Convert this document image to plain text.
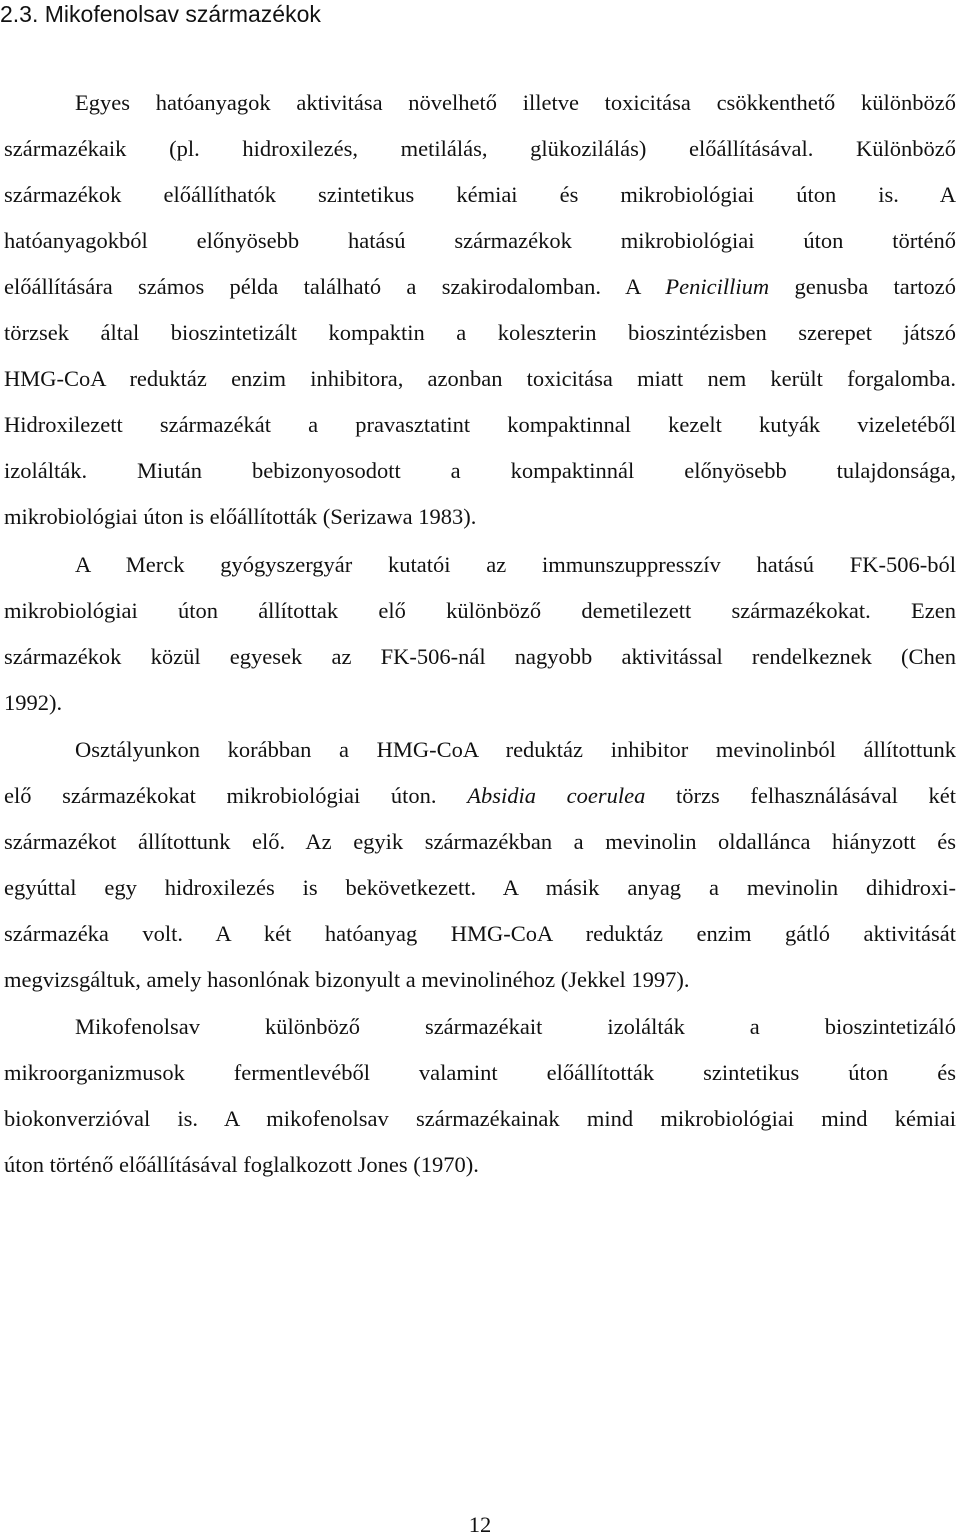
2.3. Mikofenolsav származékok
Egyes hatóanyagok aktivitása növelhető illetve toxicitása csökkenthető különböző
származékaik (pl. hidroxilezés, metilálás, glükozilálás) előállításával. Különböző
származékok előállíthatók szintetikus kémiai és mikrobiológiai úton is. A
hatóanyagokból előnyösebb hatású származékok mikrobiológiai úton történő
előállítására számos példa található a szakirodalomban. A Penicillium genusba tartozó
törzsek által bioszintetizált kompaktin a koleszterin bioszintézisben szerepet játszó
HMG-CoA reduktáz enzim inhibitora, azonban toxicitása miatt nem került forgalomba.
Hidroxilezett származékát a pravasztatint kompaktinnal kezelt kutyák vizeletéből
izolálták. Miután bebizonyosodott a kompaktinnál előnyösebb tulajdonsága,
mikrobiológiai úton is előállították (Serizawa 1983).
A Merck gyógyszergyár kutatói az immunszuppresszív hatású FK-506-ból
mikrobiológiai úton állítottak elő különböző demetilezett származékokat. Ezen
származékok közül egyesek az FK-506-nál nagyobb aktivitással rendelkeznek (Chen
1992).
Osztályunkon korábban a HMG-CoA reduktáz inhibitor mevinolinból állítottunk
elő származékokat mikrobiológiai úton. Absidia coerulea törzs felhasználásával két
származékot állítottunk elő. Az egyik származékban a mevinolin oldallánca hiányzott és
egyúttal egy hidroxilezés is bekövetkezett. A másik anyag a mevinolin dihidroxi-
származéka volt. A két hatóanyag HMG-CoA reduktáz enzim gátló aktivitását
megvizsgáltuk, amely hasonlónak bizonyult a mevinolinéhoz (Jekkel 1997).
Mikofenolsav különböző származékait izolálták a bioszintetizáló
mikroorganizmusok fermentlevéből valamint előállították szintetikus úton és
biokonverzióval is. A mikofenolsav származékainak mind mikrobiológiai mind kémiai
úton történő előállításával foglalkozott Jones (1970).
12
